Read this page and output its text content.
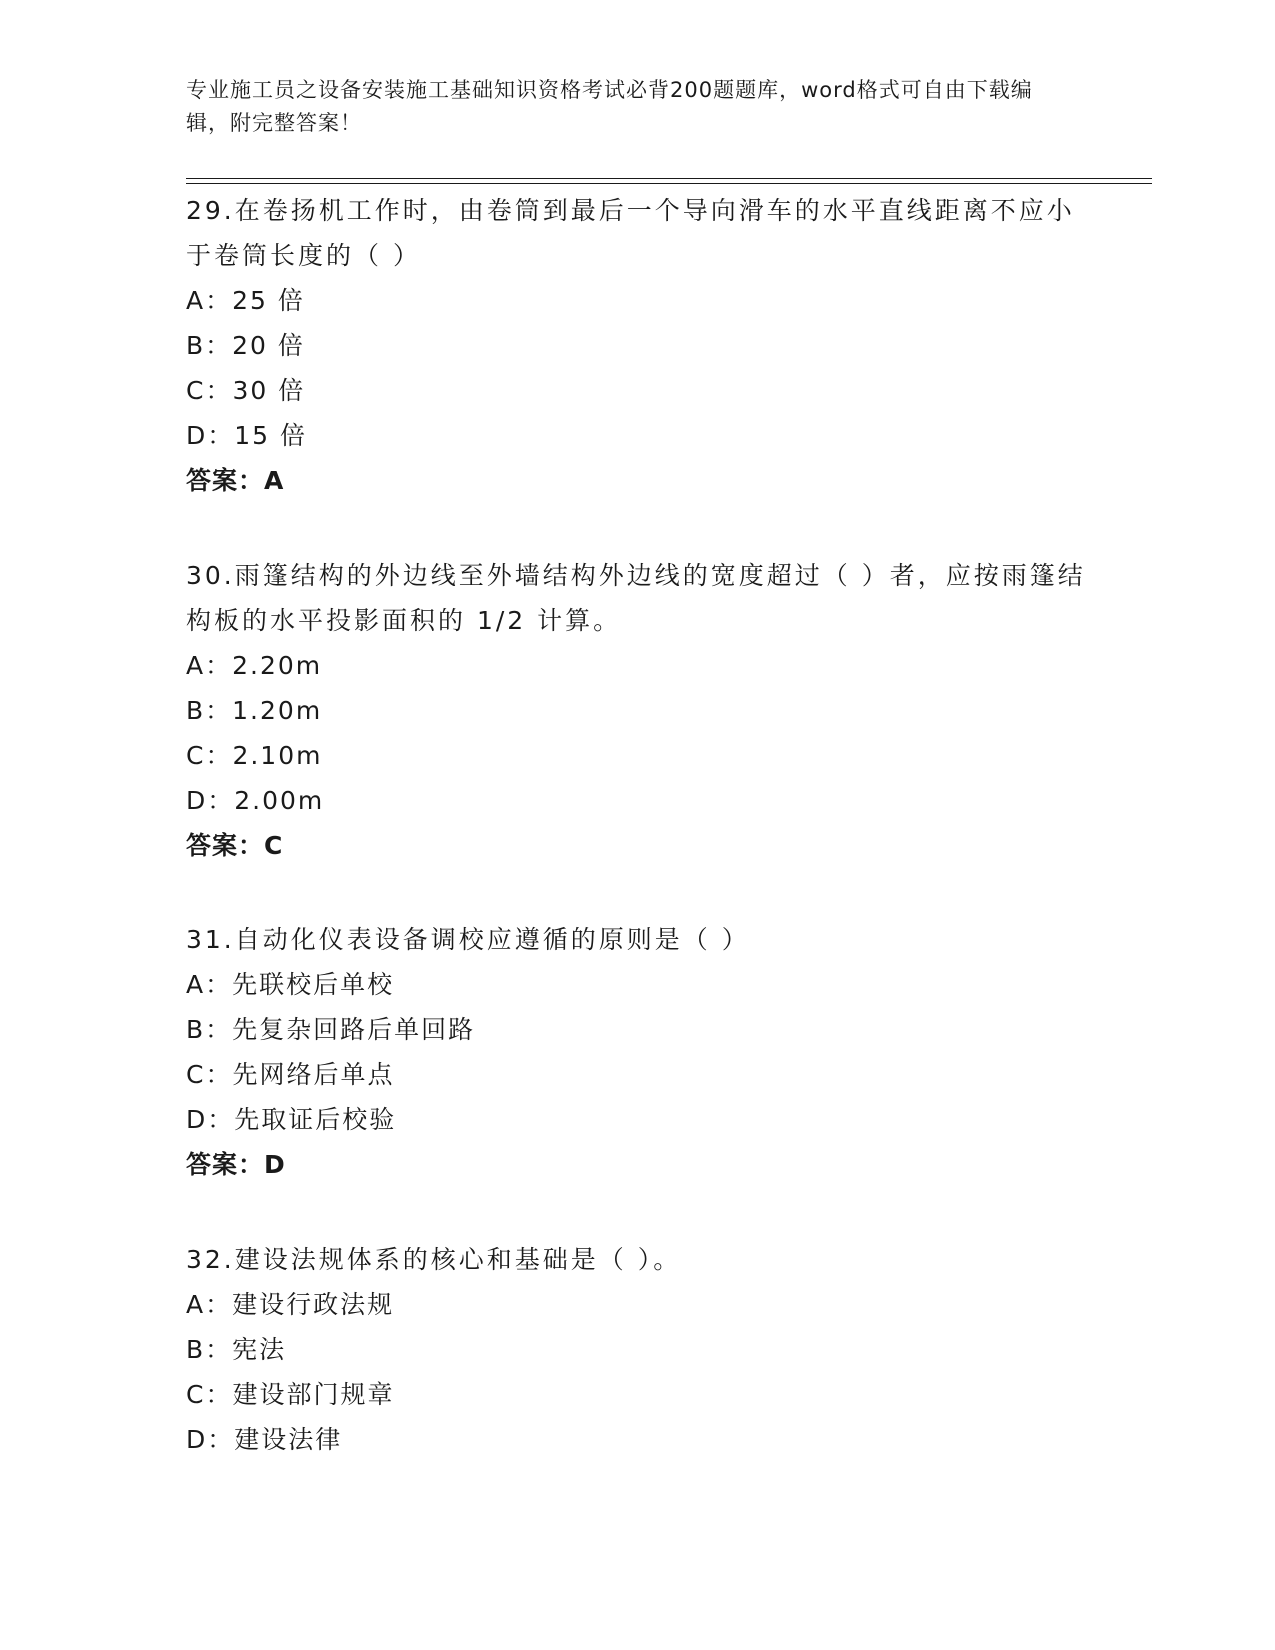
专业施工员之设备安装施工基础知识资格考试必背200题题库，word格式可自由下载编辑，附完整答案！
29.在卷扬机工作时，由卷筒到最后一个导向滑车的水平直线距离不应小于卷筒长度的（ ）
A：25 倍
B：20 倍
C：30 倍
D：15 倍
答案：A
30.雨篷结构的外边线至外墙结构外边线的宽度超过（ ）者，应按雨篷结构板的水平投影面积的 1/2 计算。
A：2.20m
B：1.20m
C：2.10m
D：2.00m
答案：C
31.自动化仪表设备调校应遵循的原则是（ ）
A：先联校后单校
B：先复杂回路后单回路
C：先网络后单点
D：先取证后校验
答案：D
32.建设法规体系的核心和基础是（ ）。
A：建设行政法规
B：宪法
C：建设部门规章
D：建设法律
